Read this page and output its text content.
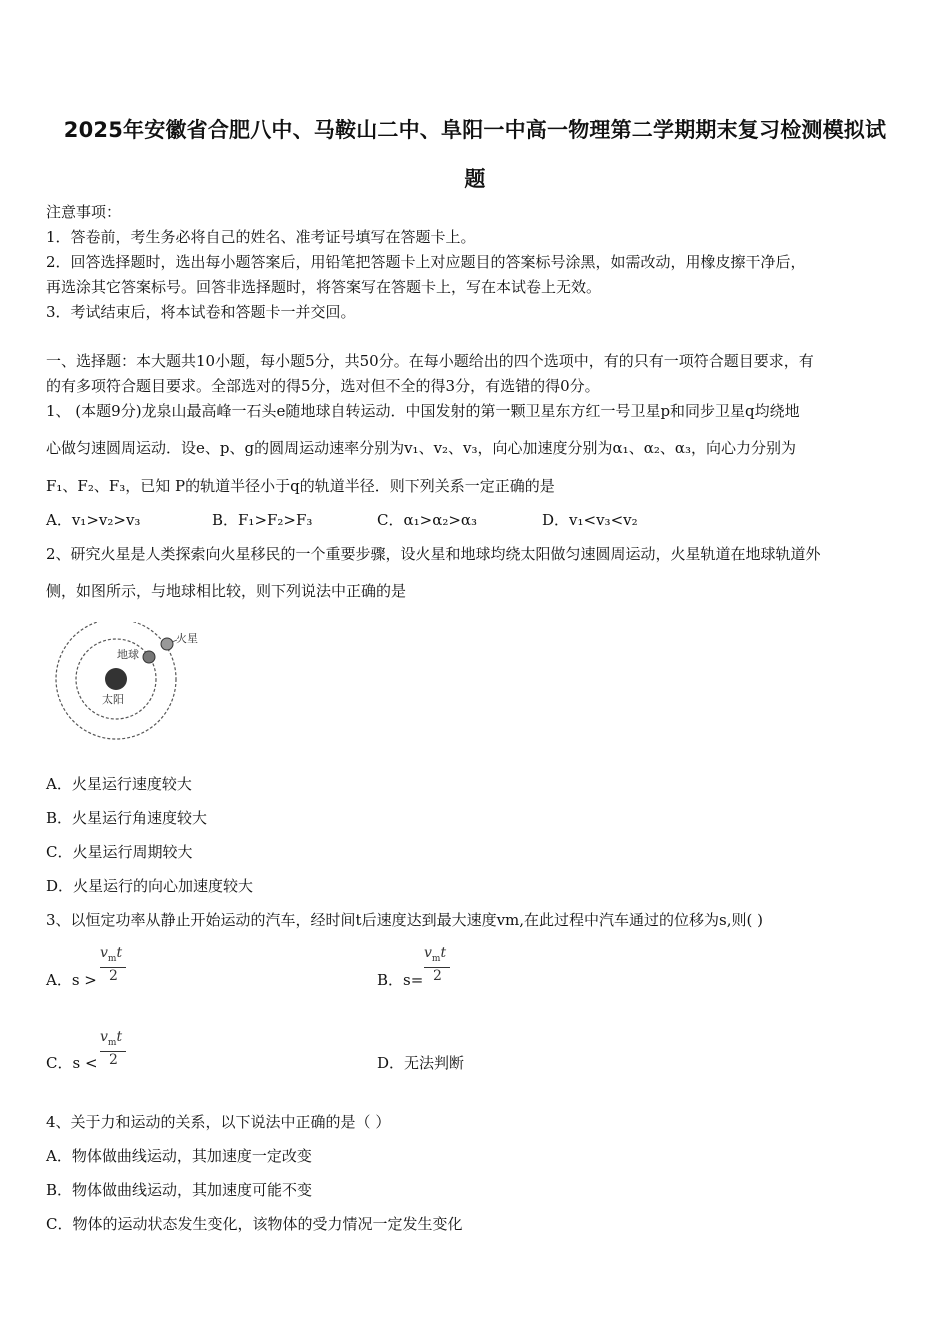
2025年安徽省合肥八中、马鞍山二中、阜阳一中高一物理第二学期期末复习检测模拟试
题
注意事项：
1．答卷前，考生务必将自己的姓名、准考证号填写在答题卡上。
2．回答选择题时，选出每小题答案后，用铅笔把答题卡上对应题目的答案标号涂黑，如需改动，用橡皮擦干净后，
再选涂其它答案标号。回答非选择题时，将答案写在答题卡上，写在本试卷上无效。
3．考试结束后，将本试卷和答题卡一并交回。
一、选择题：本大题共10小题，每小题5分，共50分。在每小题给出的四个选项中，有的只有一项符合题目要求，有
的有多项符合题目要求。全部选对的得5分，选对但不全的得3分，有选错的得0分。
1、 (本题9分)龙泉山最高峰一石头e随地球自转运动．中国发射的第一颗卫星东方红一号卫星p和同步卫星q均绕地
心做匀速圆周运动．设e、p、g的圆周运动速率分别为v₁、v₂、v₃，向心加速度分别为α₁、α₂、α₃，向心力分别为
F₁、F₂、F₃，已知 P的轨道半径小于q的轨道半径．则下列关系一定正确的是
A．v₁>v₂>v₃	B．F₁>F₂>F₃	C．α₁>α₂>α₃	D．v₁<v₃<v₂
2、研究火星是人类探索向火星移民的一个重要步骤，设火星和地球均绕太阳做匀速圆周运动，火星轨道在地球轨道外
侧，如图所示，与地球相比较，则下列说法中正确的是
火星
地球
太阳
A．火星运行速度较大
B．火星运行角速度较大
C．火星运行周期较大
D．火星运行的向心加速度较大
3、以恒定功率从静止开始运动的汽车，经时间t后速度达到最大速度vm,在此过程中汽车通过的位移为s,则( )
A．s >
$v_mt$
2	B．s=
$v_mt$
2
C．s <
$v_mt$
2	D．无法判断
4、关于力和运动的关系，以下说法中正确的是（ ）
A．物体做曲线运动，其加速度一定改变
B．物体做曲线运动，其加速度可能不变
C．物体的运动状态发生变化，该物体的受力情况一定发生变化
